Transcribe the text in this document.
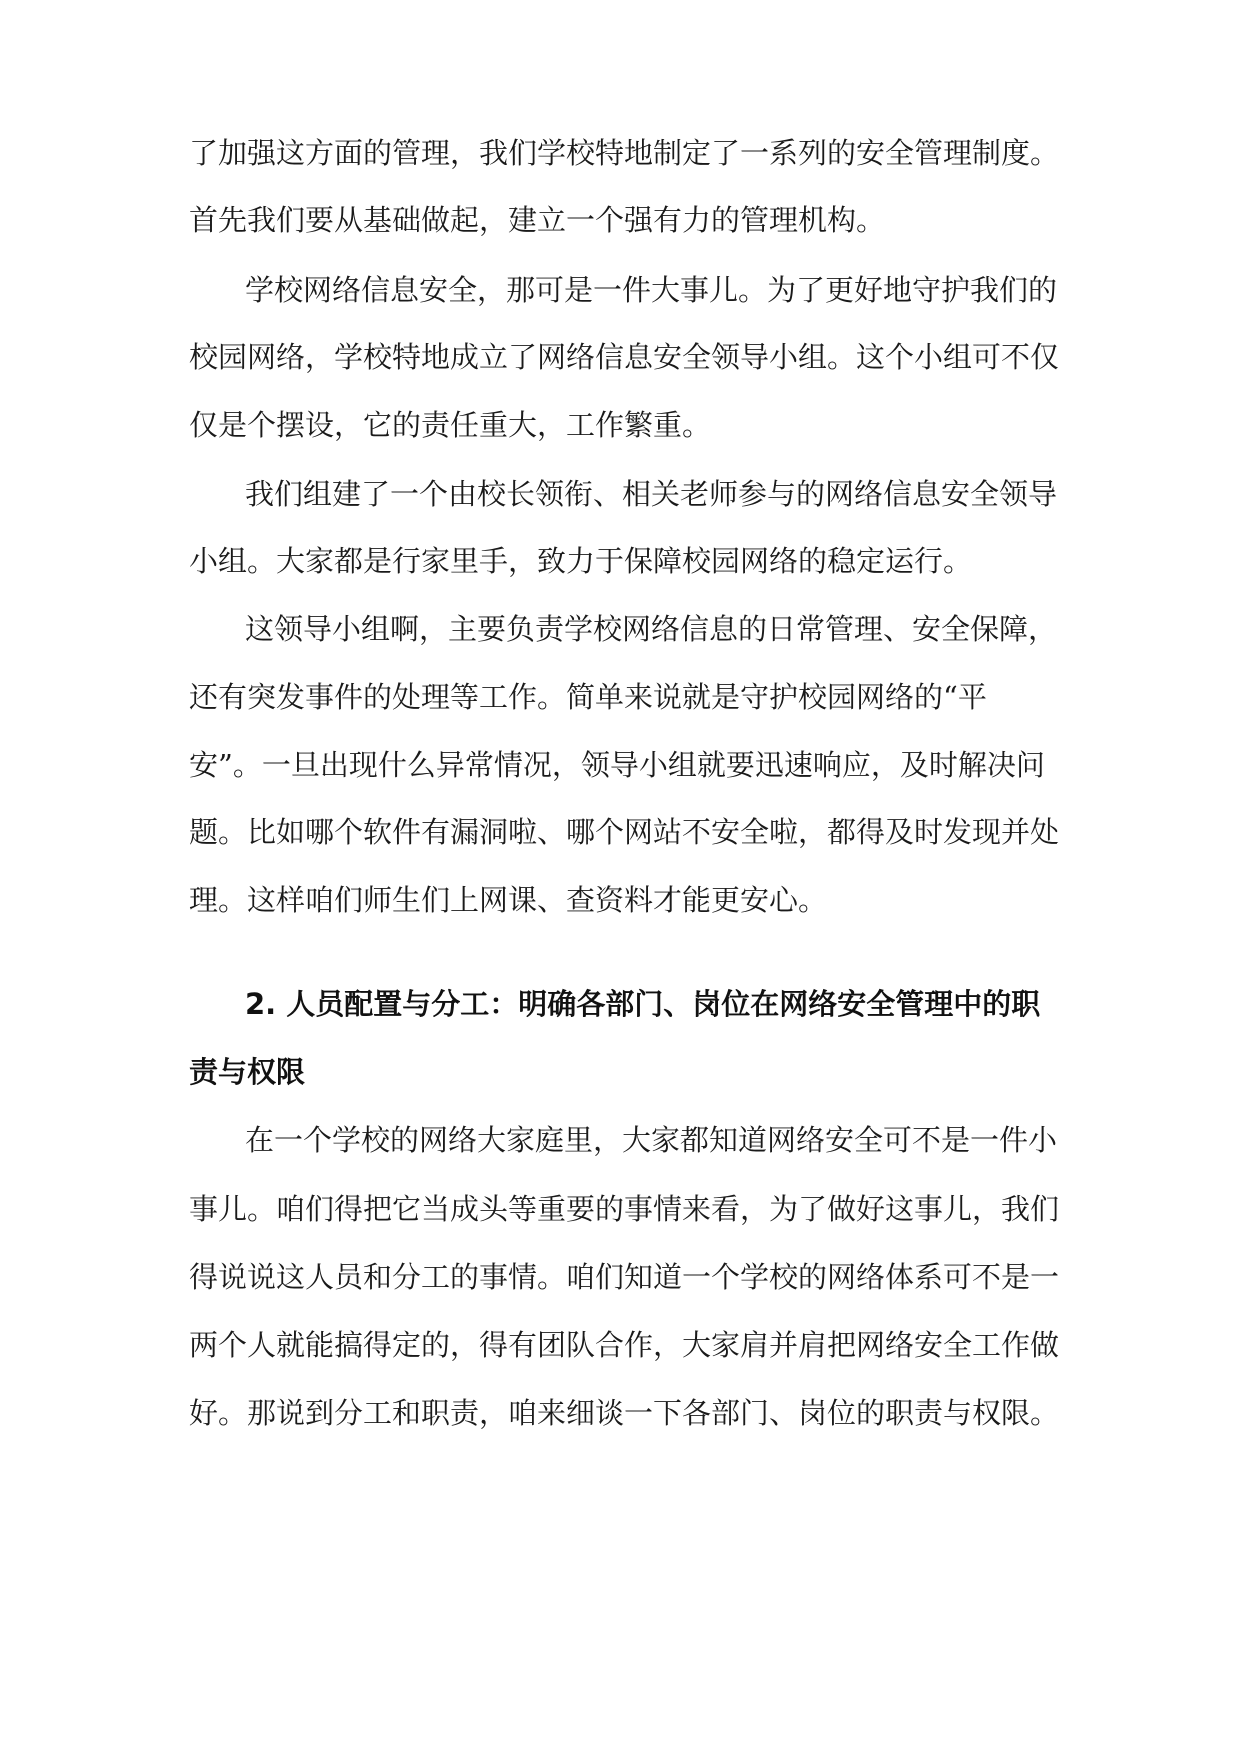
了加强这方面的管理，我们学校特地制定了一系列的安全管理制度。
首先我们要从基础做起，建立一个强有力的管理机构。
学校网络信息安全，那可是一件大事儿。为了更好地守护我们的
校园网络，学校特地成立了网络信息安全领导小组。这个小组可不仅
仅是个摆设，它的责任重大，工作繁重。
我们组建了一个由校长领衔、相关老师参与的网络信息安全领导
小组。大家都是行家里手，致力于保障校园网络的稳定运行。
这领导小组啊，主要负责学校网络信息的日常管理、安全保障，
还有突发事件的处理等工作。简单来说就是守护校园网络的“平
安”。一旦出现什么异常情况，领导小组就要迅速响应，及时解决问
题。比如哪个软件有漏洞啦、哪个网站不安全啦，都得及时发现并处
理。这样咱们师生们上网课、查资料才能更安心。
2. 人员配置与分工：明确各部门、岗位在网络安全管理中的职
责与权限
在一个学校的网络大家庭里，大家都知道网络安全可不是一件小
事儿。咱们得把它当成头等重要的事情来看，为了做好这事儿，我们
得说说这人员和分工的事情。咱们知道一个学校的网络体系可不是一
两个人就能搞得定的，得有团队合作，大家肩并肩把网络安全工作做
好。那说到分工和职责，咱来细谈一下各部门、岗位的职责与权限。
